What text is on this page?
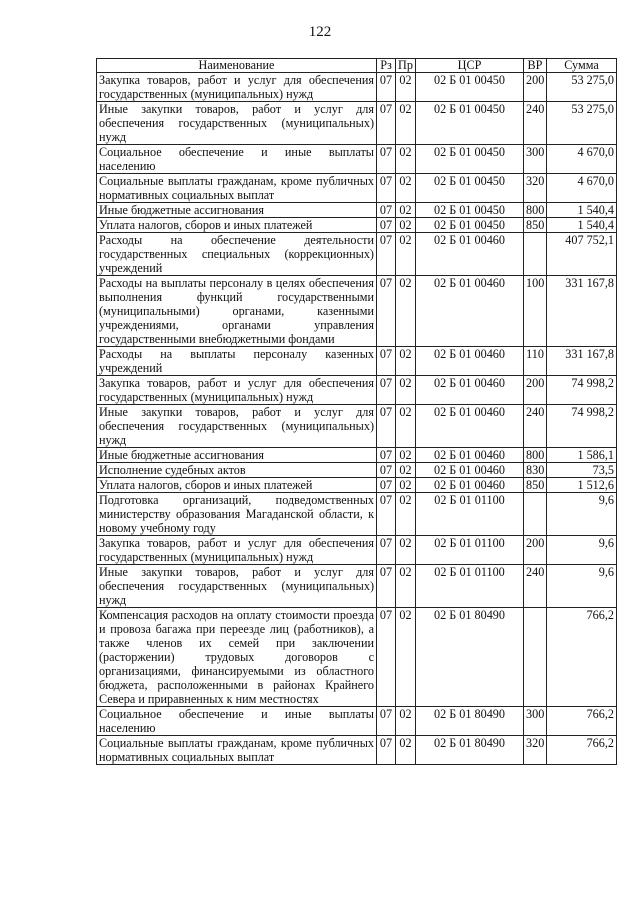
122
Наименование	Рз	Пр	ЦСР	ВР	Сумма
Закупка товаров, работ и услуг для обеспечения государственных (муниципальных) нужд	07	02	02 Б 01 00450	200	53 275,0
Иные закупки товаров, работ и услуг для обеспечения государственных (муниципальных) нужд	07	02	02 Б 01 00450	240	53 275,0
Социальное обеспечение и иные выплаты населению	07	02	02 Б 01 00450	300	4 670,0
Социальные выплаты гражданам, кроме публичных нормативных социальных выплат	07	02	02 Б 01 00450	320	4 670,0
Иные бюджетные ассигнования	07	02	02 Б 01 00450	800	1 540,4
Уплата налогов, сборов и иных платежей	07	02	02 Б 01 00450	850	1 540,4
Расходы на обеспечение деятельности государственных специальных (коррекционных) учреждений	07	02	02 Б 01 00460		407 752,1
Расходы на выплаты персоналу в целях обеспечения выполнения функций государственными (муниципальными) органами, казенными учреждениями, органами управления государственными внебюджетными фондами	07	02	02 Б 01 00460	100	331 167,8
Расходы на выплаты персоналу казенных учреждений	07	02	02 Б 01 00460	110	331 167,8
Закупка товаров, работ и услуг для обеспечения государственных (муниципальных) нужд	07	02	02 Б 01 00460	200	74 998,2
Иные закупки товаров, работ и услуг для обеспечения государственных (муниципальных) нужд	07	02	02 Б 01 00460	240	74 998,2
Иные бюджетные ассигнования	07	02	02 Б 01 00460	800	1 586,1
Исполнение судебных актов	07	02	02 Б 01 00460	830	73,5
Уплата налогов, сборов и иных платежей	07	02	02 Б 01 00460	850	1 512,6
Подготовка организаций, подведомственных министерству образования Магаданской области, к новому учебному году	07	02	02 Б 01 01100		9,6
Закупка товаров, работ и услуг для обеспечения государственных (муниципальных) нужд	07	02	02 Б 01 01100	200	9,6
Иные закупки товаров, работ и услуг для обеспечения государственных (муниципальных) нужд	07	02	02 Б 01 01100	240	9,6
Компенсация расходов на оплату стоимости проезда и провоза багажа при переезде лиц (работников), а также членов их семей при заключении (расторжении) трудовых договоров с организациями, финансируемыми из областного бюджета, расположенными в районах Крайнего Севера и приравненных к ним местностях	07	02	02 Б 01 80490		766,2
Социальное обеспечение и иные выплаты населению	07	02	02 Б 01 80490	300	766,2
Социальные выплаты гражданам, кроме публичных нормативных социальных выплат	07	02	02 Б 01 80490	320	766,2
